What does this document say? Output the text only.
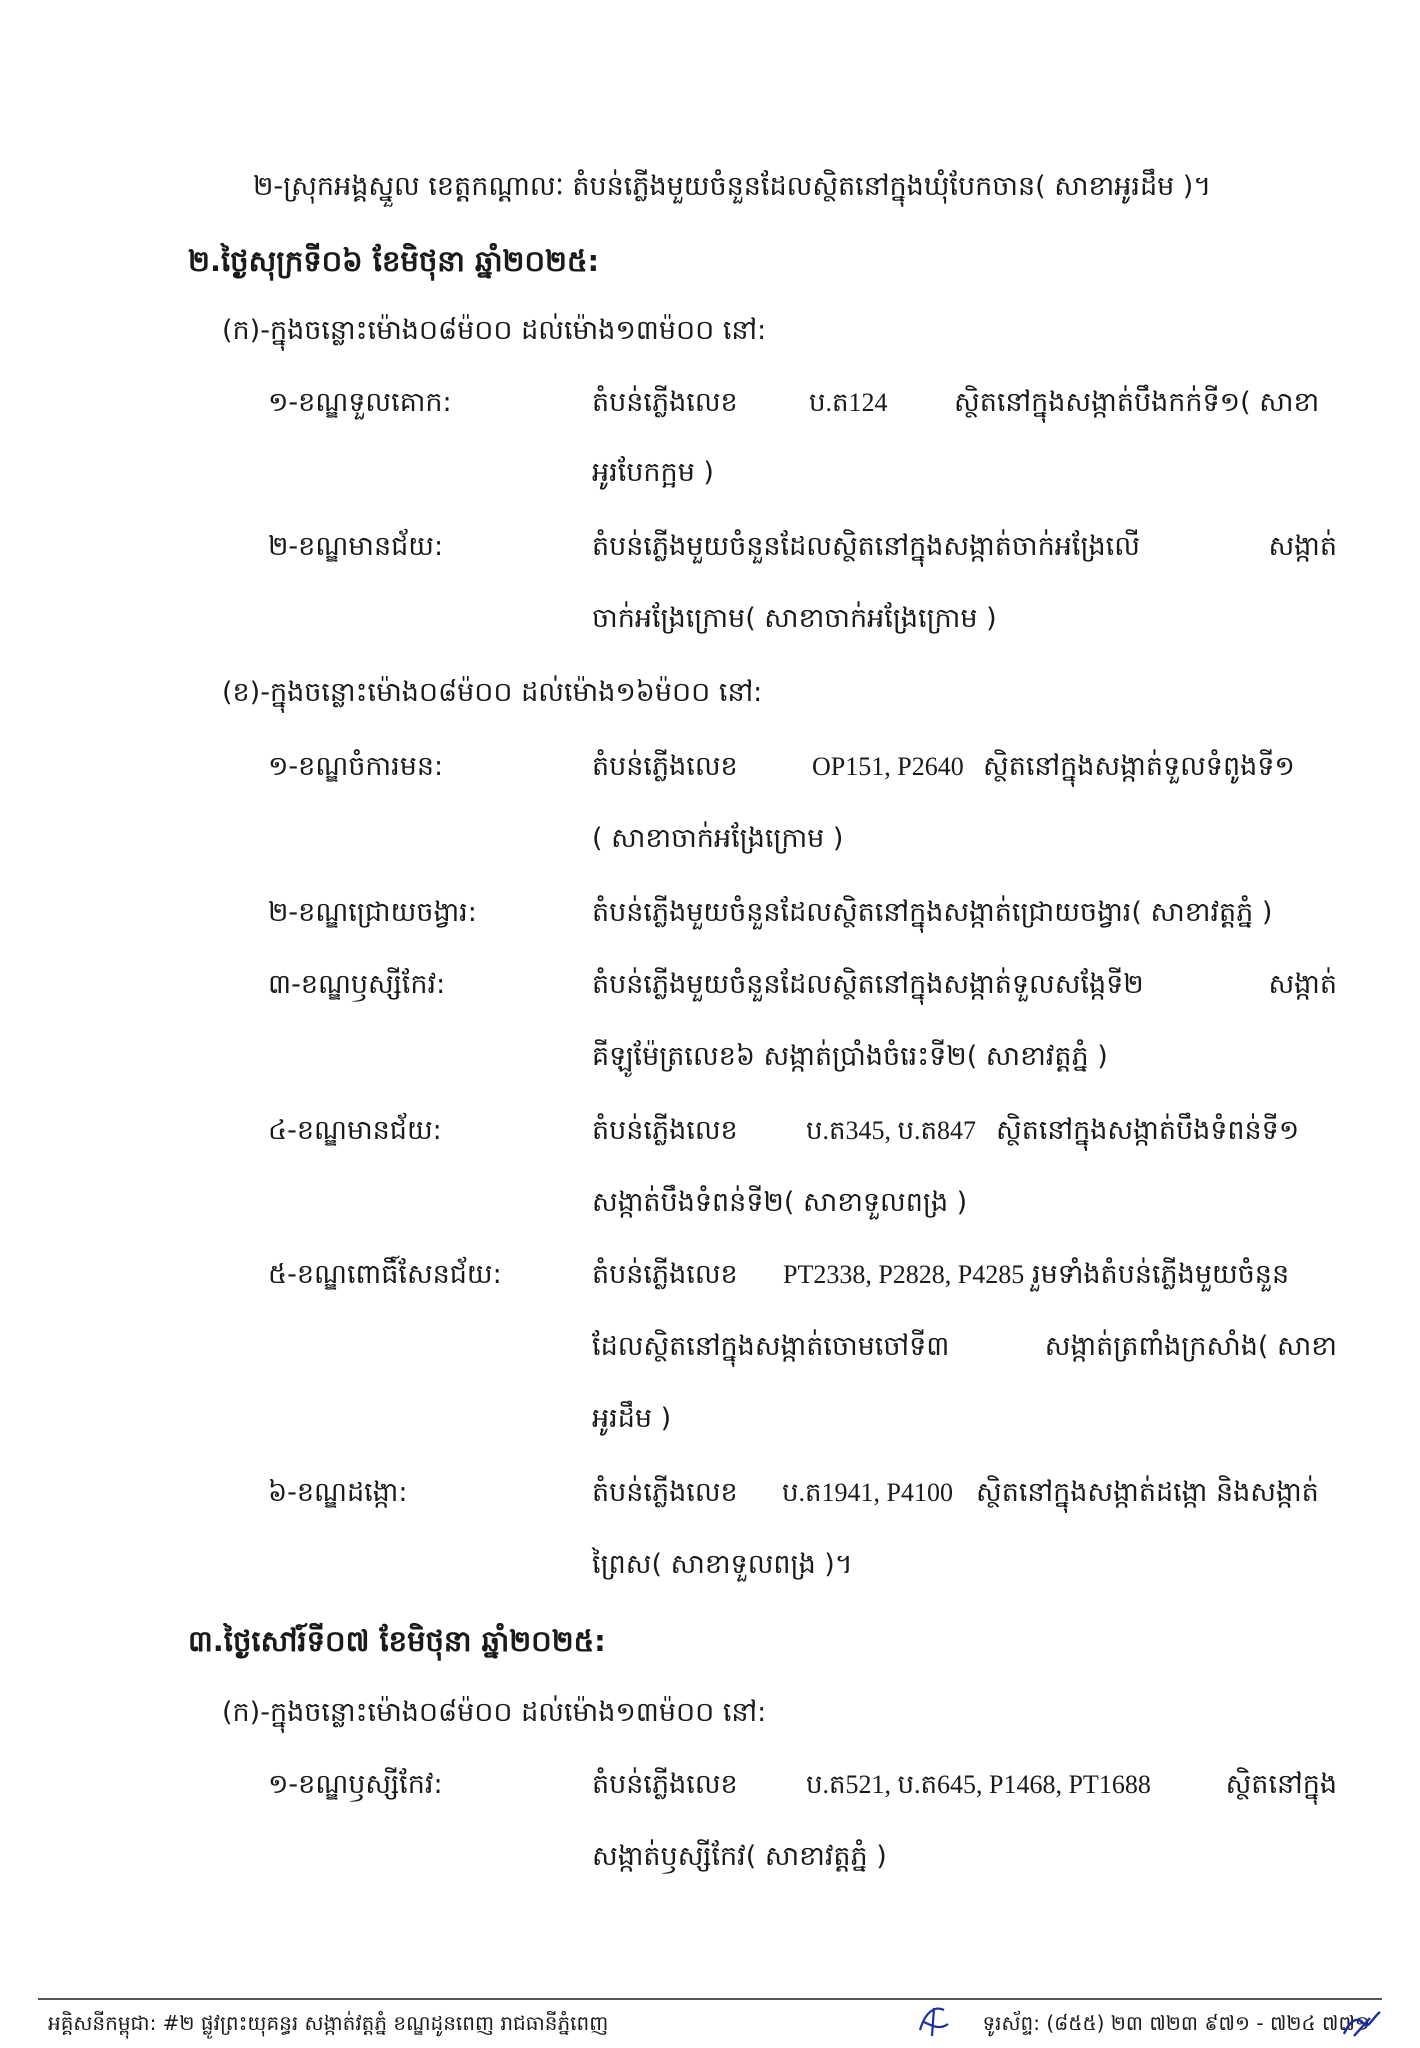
២-ស្រុកអង្គស្នួល ខេត្តកណ្តាលៈ តំបន់ភ្លើងមួយចំនួនដែលស្ថិតនៅក្នុងឃុំបែកចាន( សាខាអូរដឹម )។
២.ថ្ងៃសុក្រទី០៦ ខែមិថុនា ឆ្នាំ២០២៥:
(ក)-ក្នុងចន្លោះម៉ោង០៨ម៉០០ ដល់ម៉ោង១៣ម៉០០ នៅ:
១-ខណ្ឌទួលគោក:	តំបន់ភ្លើងលេខ	ប.ត124 ស្ថិតនៅក្នុងសង្កាត់បឹងកក់ទី១( សាខា
អូរបែកក្អម )
២-ខណ្ឌមានជ័យ:	តំបន់ភ្លើងមួយចំនួនដែលស្ថិតនៅក្នុងសង្កាត់ចាក់អង្រែលើ	សង្កាត់
ចាក់អង្រែក្រោម( សាខាចាក់អង្រែក្រោម )
(ខ)-ក្នុងចន្លោះម៉ោង០៨ម៉០០ ដល់ម៉ោង១៦ម៉០០ នៅ:
១-ខណ្ឌចំការមន:	តំបន់ភ្លើងលេខ	OP151, P2640 ស្ថិតនៅក្នុងសង្កាត់ទួលទំពូងទី១
( សាខាចាក់អង្រែក្រោម )
២-ខណ្ឌជ្រោយចង្វារ:	តំបន់ភ្លើងមួយចំនួនដែលស្ថិតនៅក្នុងសង្កាត់ជ្រោយចង្វារ( សាខាវត្តភ្នំ )
៣-ខណ្ឌឫស្សីកែវ:	តំបន់ភ្លើងមួយចំនួនដែលស្ថិតនៅក្នុងសង្កាត់ទួលសង្កែទី២	សង្កាត់
គីឡូម៉ែត្រលេខ៦ សង្កាត់ប្រាំងចំរេះទី២( សាខាវត្តភ្នំ )
៤-ខណ្ឌមានជ័យ:	តំបន់ភ្លើងលេខ	ប.ត345, ប.ត847 ស្ថិតនៅក្នុងសង្កាត់បឹងទំពន់ទី១
សង្កាត់បឹងទំពន់ទី២( សាខាទួលពង្រ )
៥-ខណ្ឌពោធិ៍សែនជ័យ:	តំបន់ភ្លើងលេខ PT2338, P2828, P4285 រួមទាំងតំបន់ភ្លើងមួយចំនួន
ដែលស្ថិតនៅក្នុងសង្កាត់ចោមចៅទី៣	សង្កាត់ត្រពាំងក្រសាំង( សាខា
អូរដឹម )
៦-ខណ្ឌដង្កោ:	តំបន់ភ្លើងលេខ ប.ត1941, P4100 ស្ថិតនៅក្នុងសង្កាត់ដង្កោ និងសង្កាត់
ព្រៃស( សាខាទួលពង្រ )។
៣.ថ្ងៃសៅរ៍ទី០៧ ខែមិថុនា ឆ្នាំ២០២៥:
(ក)-ក្នុងចន្លោះម៉ោង០៨ម៉០០ ដល់ម៉ោង១៣ម៉០០ នៅ:
១-ខណ្ឌឫស្សីកែវ:	តំបន់ភ្លើងលេខ	ប.ត521, ប.ត645, P1468, PT1688	ស្ថិតនៅក្នុង
សង្កាត់ឫស្សីកែវ( សាខាវត្តភ្នំ )
អគ្គិសនីកម្ពុជា: #២ ផ្លូវព្រះយុគន្ធរ សង្កាត់វត្តភ្នំ ខណ្ឌដូនពេញ រាជធានីភ្នំពេញ	ទូរស័ព្ទ: (៨៥៥) ២៣ ៧២៣ ៩៧១ - ៧២៤ ៧៧១
